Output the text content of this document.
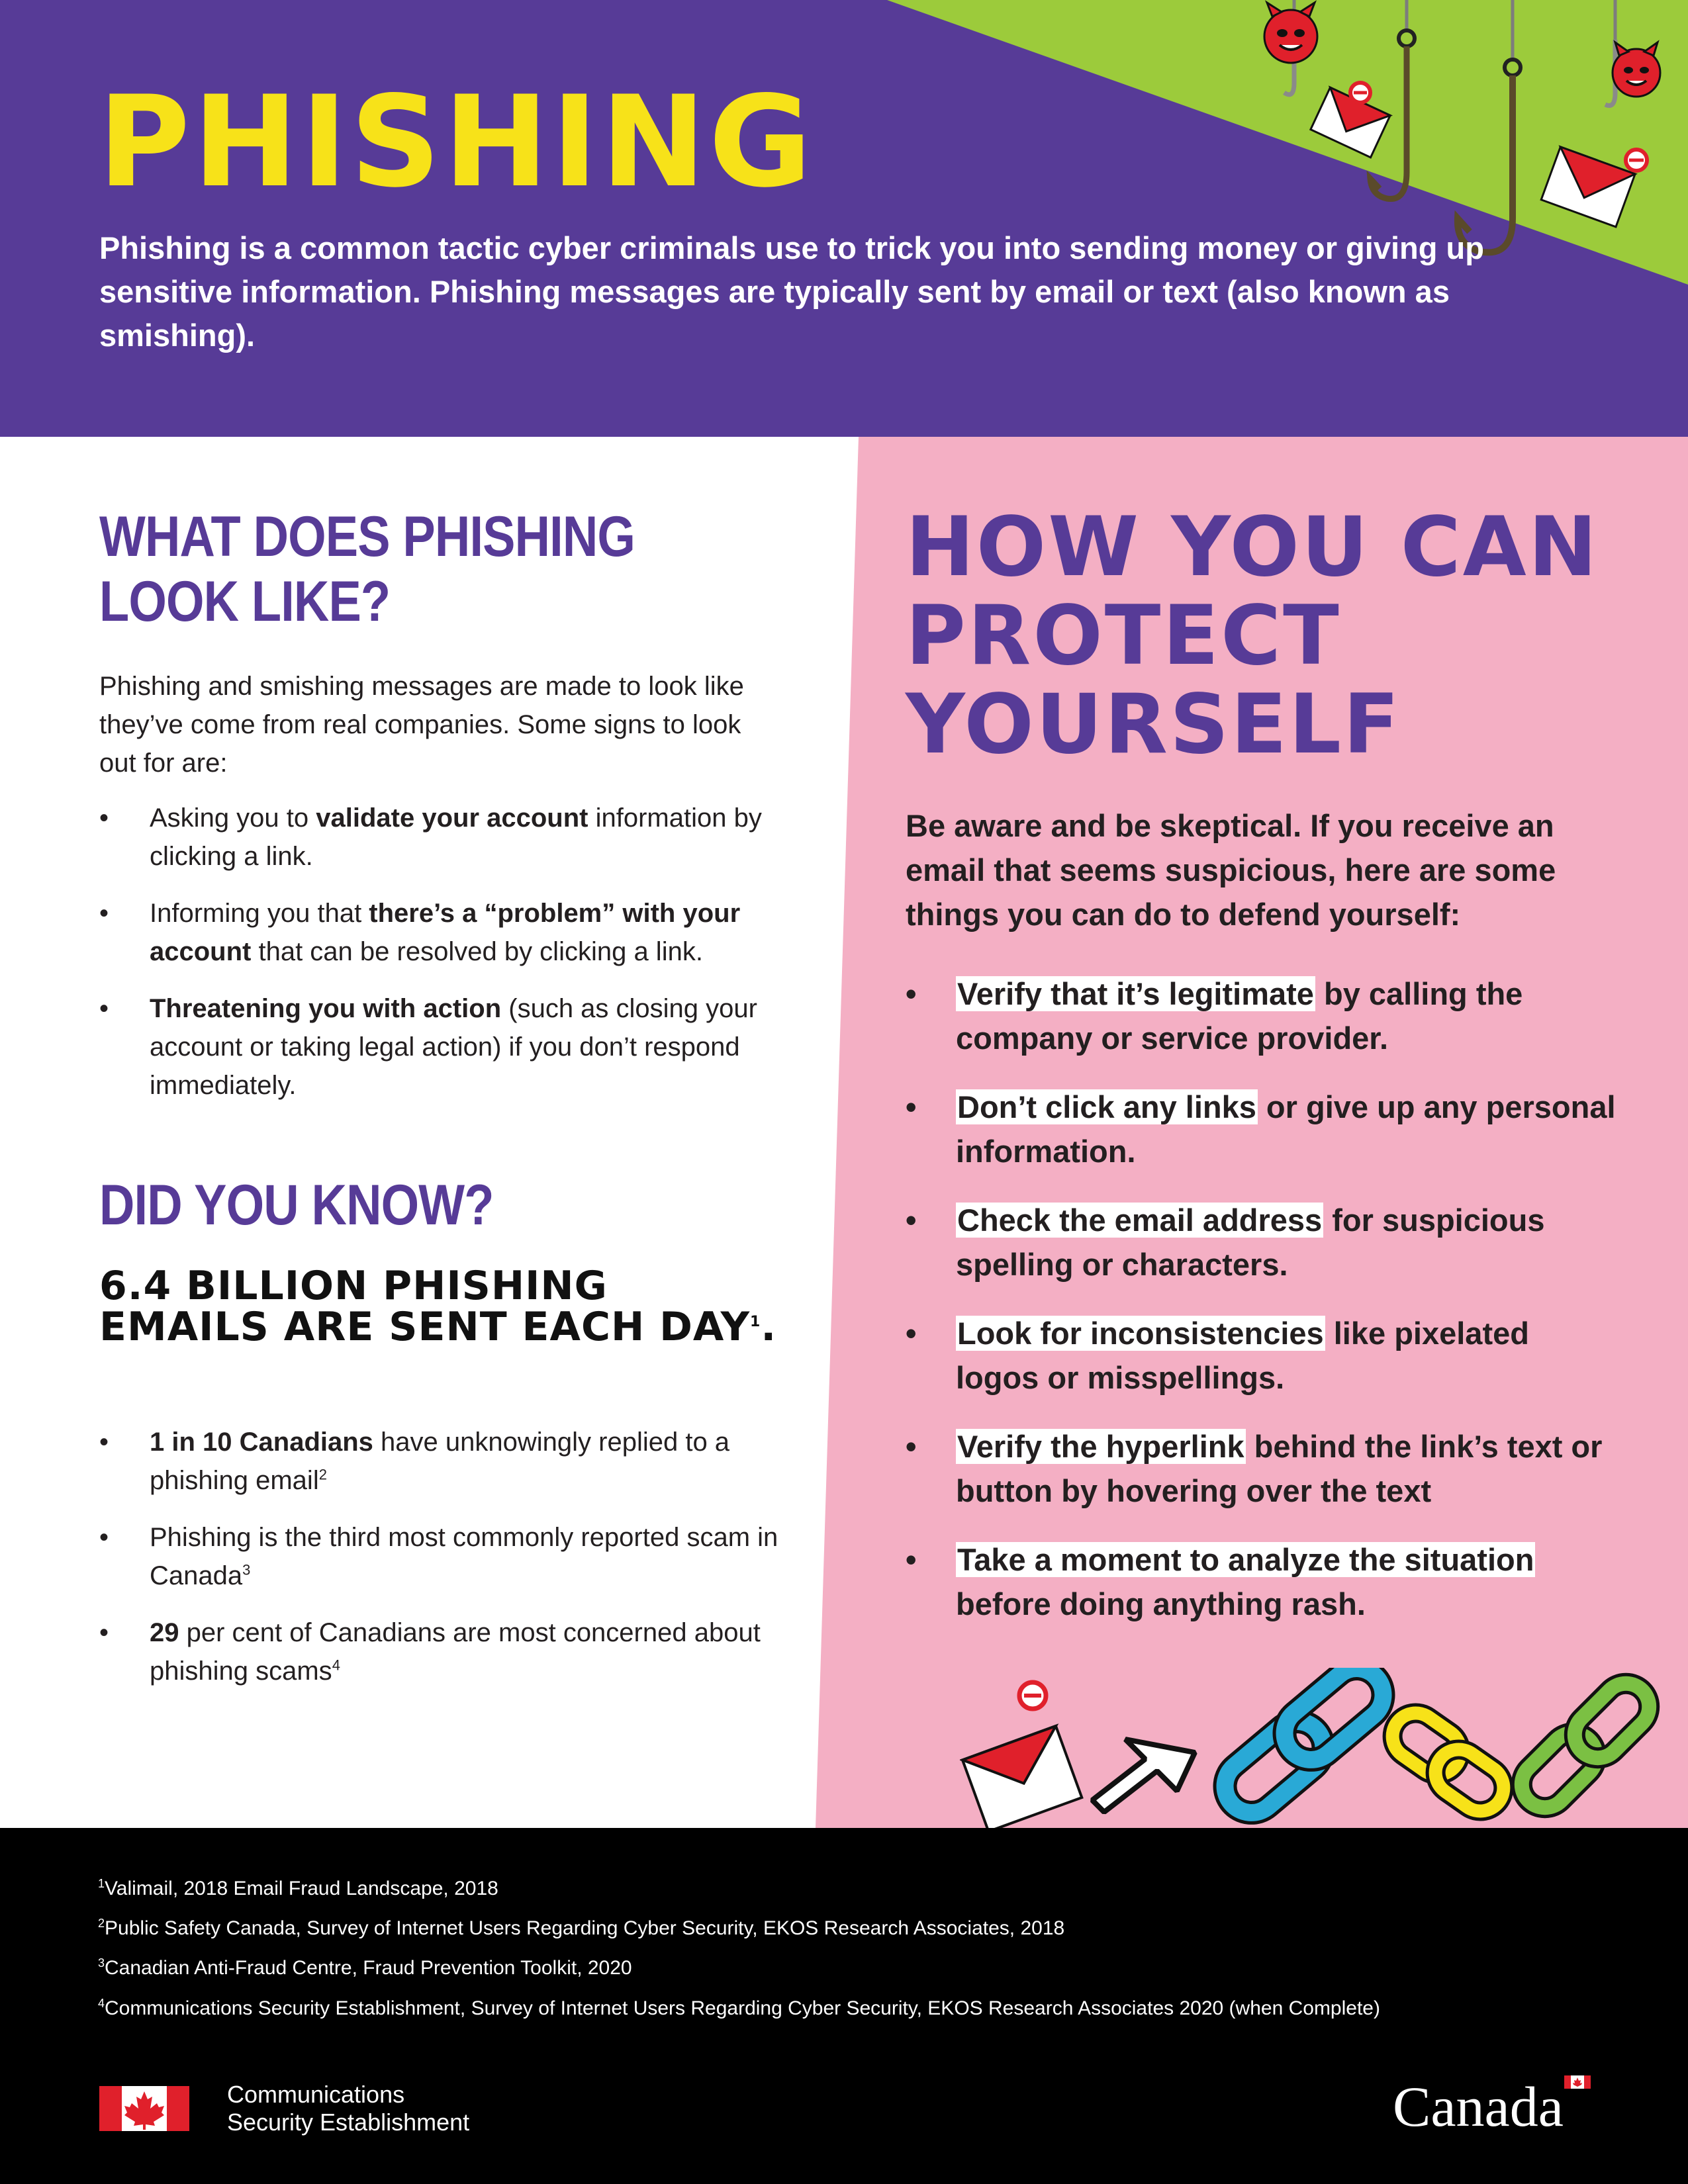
PHISHING

Phishing is a common tactic cyber criminals use to trick you into sending money or giving up sensitive information. Phishing messages are typically sent by email or text (also known as smishing).

WHAT DOES PHISHING LOOK LIKE?

Phishing and smishing messages are made to look like they’ve come from real companies. Some signs to look out for are:

• Asking you to validate your account information by clicking a link.
• Informing you that there’s a “problem” with your account that can be resolved by clicking a link.
• Threatening you with action (such as closing your account or taking legal action) if you don’t respond immediately.
DID YOU KNOW?
6.4 BILLION PHISHING EMAILS ARE SENT EACH DAY$^1$.
• 1 in 10 Canadians have unknowingly replied to a phishing email$^2$
• Phishing is the third most commonly reported scam in Canada$^3$
• 29 per cent of Canadians are most concerned about phishing scams$^4$
HOW YOU CAN PROTECT YOURSELF

Be aware and be skeptical. If you receive an email that seems suspicious, here are some things you can do to defend yourself:

• Verify that it’s legitimate by calling the company or service provider.
• Don’t click any links or give up any personal information.
• Check the email address for suspicious spelling or characters.
• Look for inconsistencies like pixelated logos or misspellings.
• Verify the hyperlink behind the link’s text or button by hovering over the text
• Take a moment to analyze the situation before doing anything rash.
$^1$Valimail, 2018 Email Fraud Landscape, 2018
$^2$Public Safety Canada, Survey of Internet Users Regarding Cyber Security, EKOS Research Associates, 2018
$^3$Canadian Anti-Fraud Centre, Fraud Prevention Toolkit, 2020
$^4$Communications Security Establishment, Survey of Internet Users Regarding Cyber Security, EKOS Research Associates 2020 (when Complete)
Communications
Security Establishment	Canada
